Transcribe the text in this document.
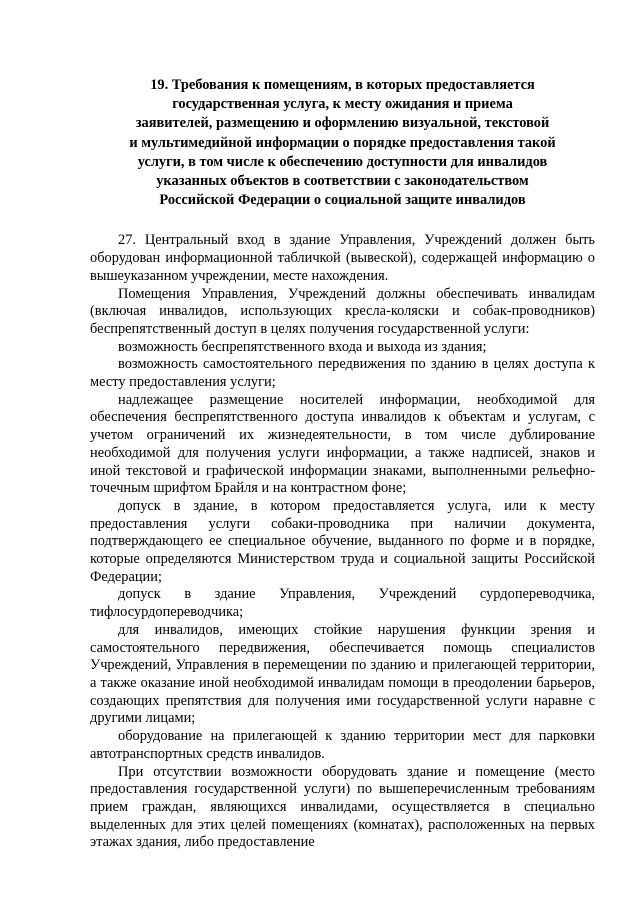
19. Требования к помещениям, в которых предоставляется
государственная услуга, к месту ожидания и приема
заявителей, размещению и оформлению визуальной, текстовой
и мультимедийной информации о порядке предоставления такой
услуги, в том числе к обеспечению доступности для инвалидов
указанных объектов в соответствии с законодательством
Российской Федерации о социальной защите инвалидов

27. Центральный вход в здание Управления, Учреждений должен быть оборудован информационной табличкой (вывеской), содержащей информацию о вышеуказанном учреждении, месте нахождения.

Помещения Управления, Учреждений должны обеспечивать инвалидам (включая инвалидов, использующих кресла-коляски и собак-проводников) беспрепятственный доступ в целях получения государственной услуги:

возможность беспрепятственного входа и выхода из здания;

возможность самостоятельного передвижения по зданию в целях доступа к месту предоставления услуги;

надлежащее размещение носителей информации, необходимой для обеспечения беспрепятственного доступа инвалидов к объектам и услугам, с учетом ограничений их жизнедеятельности, в том числе дублирование необходимой для получения услуги информации, а также надписей, знаков и иной текстовой и графической информации знаками, выполненными рельефно-точечным шрифтом Брайля и на контрастном фоне;

допуск в здание, в котором предоставляется услуга, или к месту предоставления услуги собаки-проводника при наличии документа, подтверждающего ее специальное обучение, выданного по форме и в порядке, которые определяются Министерством труда и социальной защиты Российской Федерации;

допуск в здание Управления, Учреждений сурдопереводчика, тифлосурдопереводчика;

для инвалидов, имеющих стойкие нарушения функции зрения и самостоятельного передвижения, обеспечивается помощь специалистов Учреждений, Управления в перемещении по зданию и прилегающей территории, а также оказание иной необходимой инвалидам помощи в преодолении барьеров, создающих препятствия для получения ими государственной услуги наравне с другими лицами;

оборудование на прилегающей к зданию территории мест для парковки автотранспортных средств инвалидов.

При отсутствии возможности оборудовать здание и помещение (место предоставления государственной услуги) по вышеперечисленным требованиям прием граждан, являющихся инвалидами, осуществляется в специально выделенных для этих целей помещениях (комнатах), расположенных на первых этажах здания, либо предоставление
